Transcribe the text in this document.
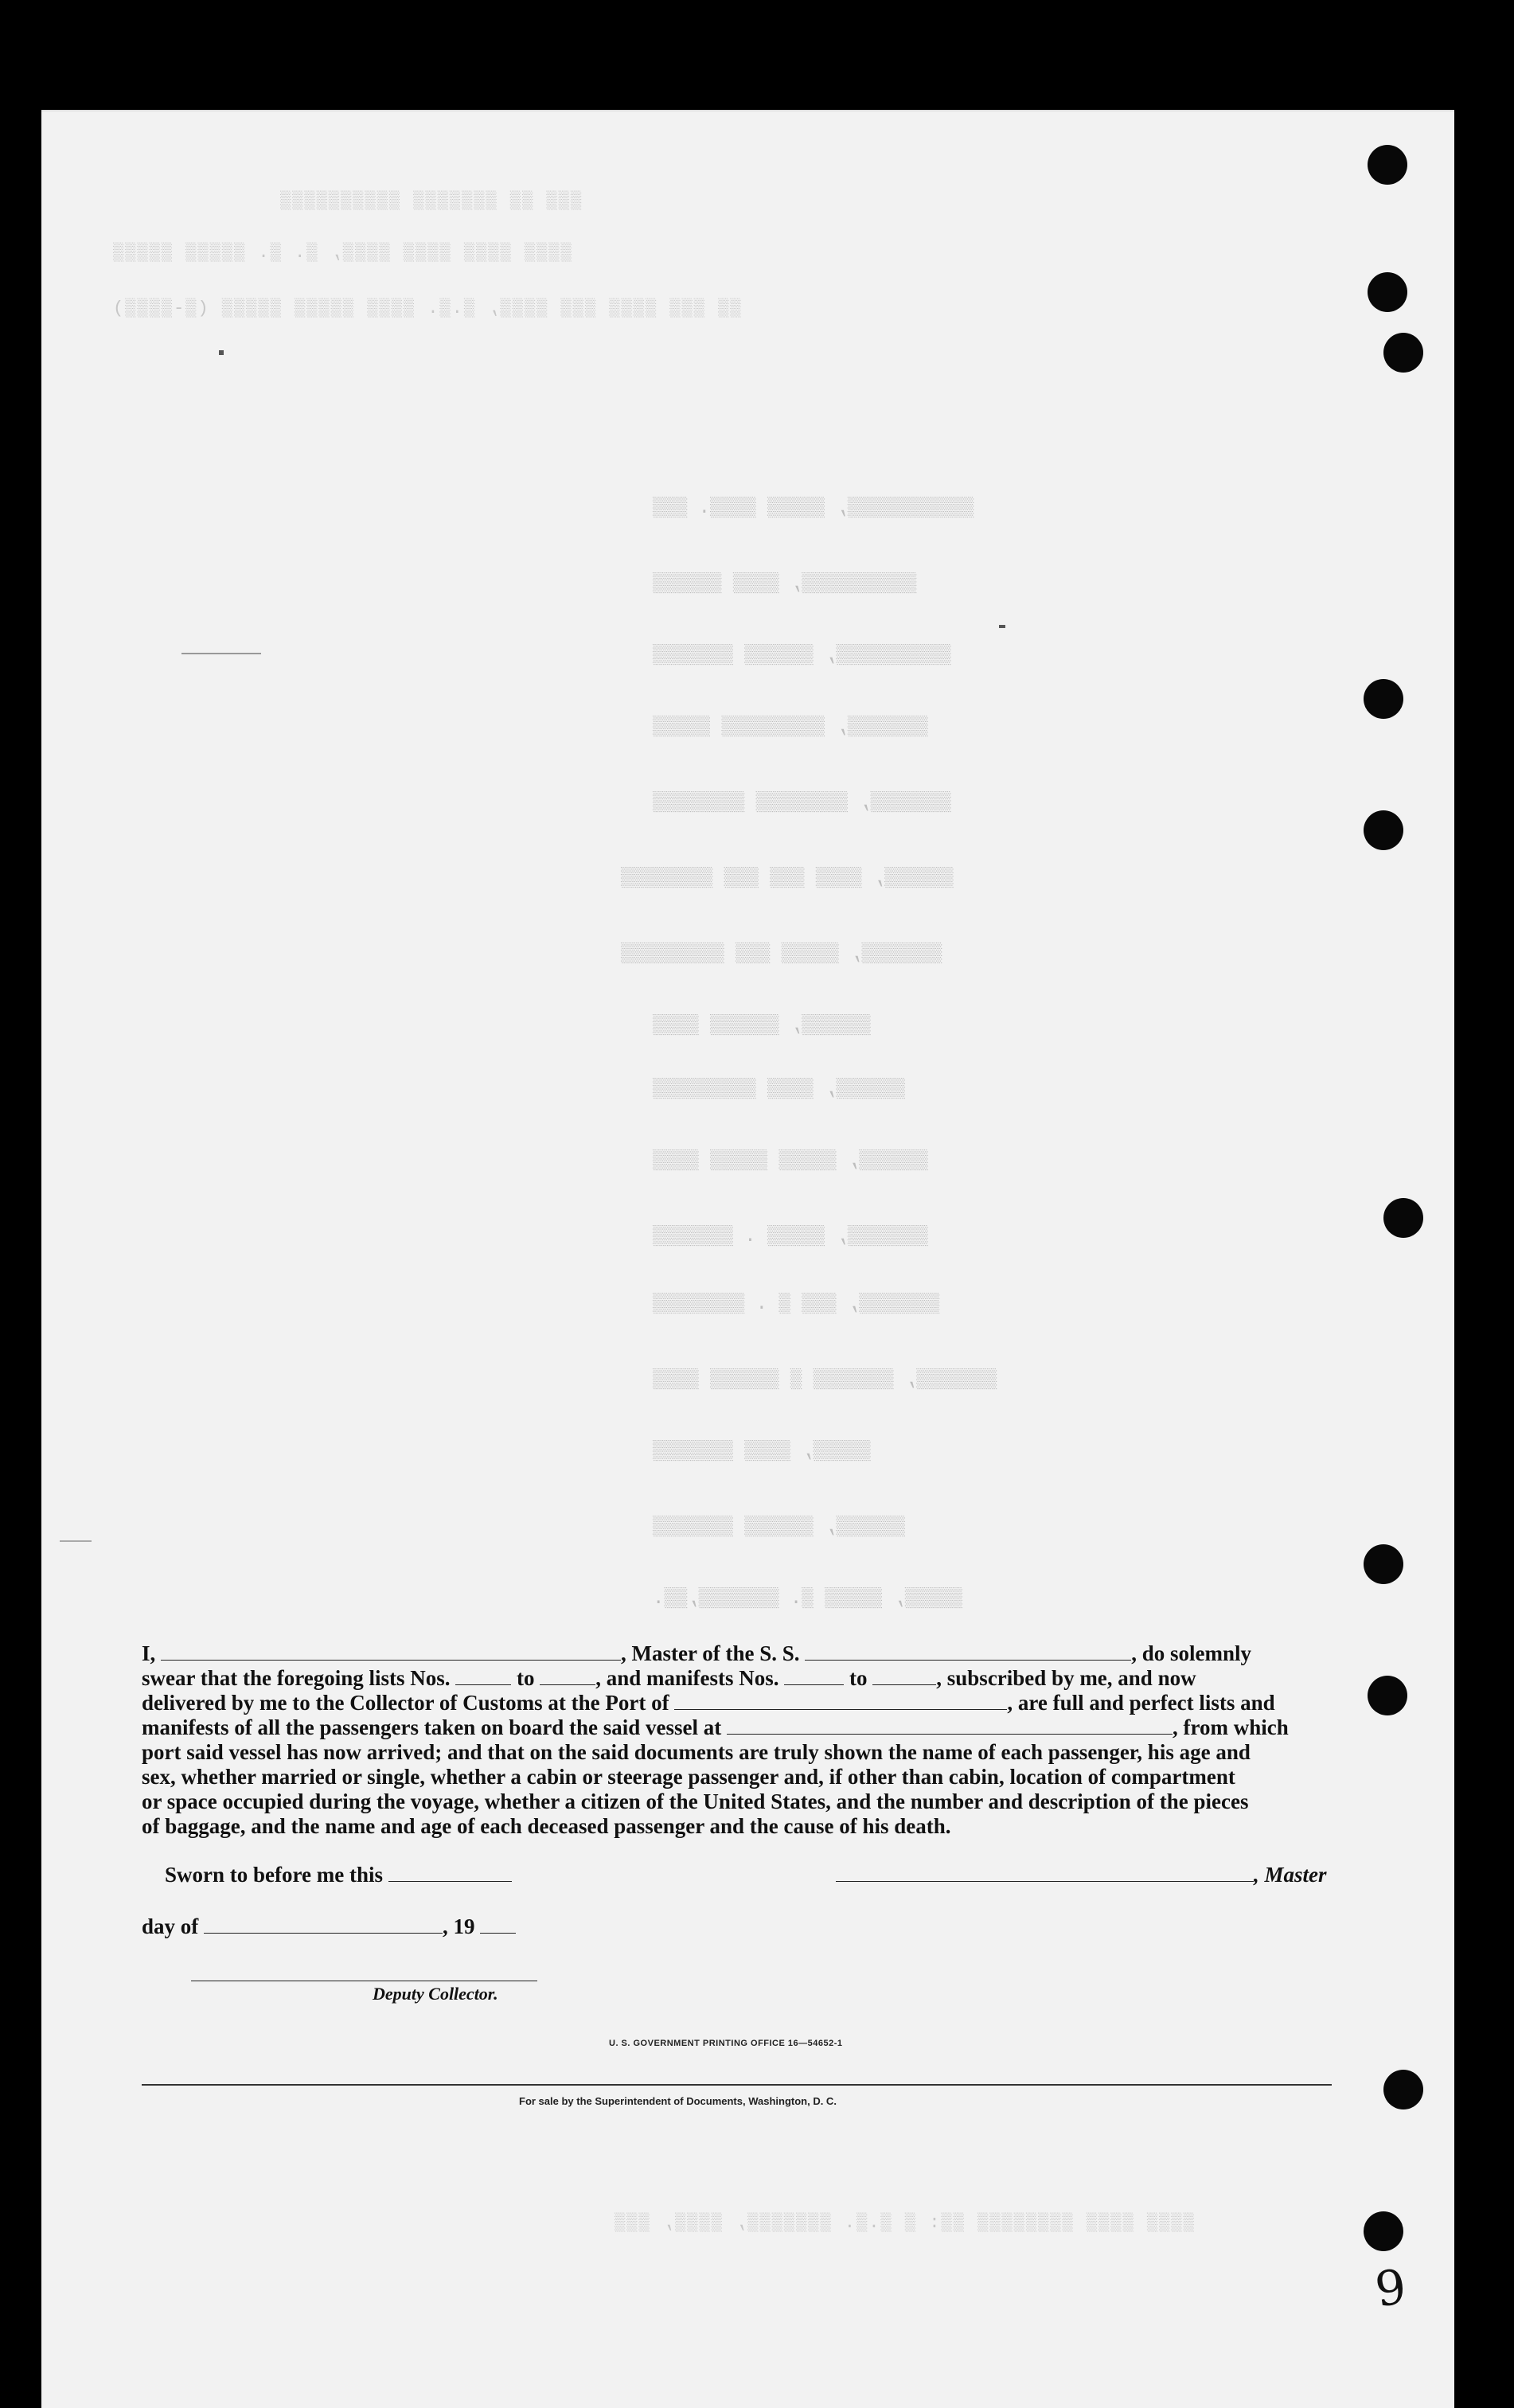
▒▒▒ ▒▒ ▒▒▒▒▒▒▒ ▒▒▒▒▒▒▒▒▒▒
▒▒▒▒ ▒▒▒▒ ▒▒▒▒ ▒▒▒▒, ▒. ▒. ▒▒▒▒▒ ▒▒▒▒▒
▒▒ ▒▒▒ ▒▒▒▒ ▒▒▒ ▒▒▒▒, ▒.▒. ▒▒▒▒ ▒▒▒▒▒ ▒▒▒▒▒ (▒-▒▒▒▒)
▒▒▒▒▒▒▒▒▒▒▒, ▒▒▒▒▒ ▒▒▒▒. ▒▒▒
▒▒▒▒▒▒▒▒▒▒, ▒▒▒▒ ▒▒▒▒▒▒
▒▒▒▒▒▒▒▒▒▒, ▒▒▒▒▒▒ ▒▒▒▒▒▒▒
▒▒▒▒▒▒▒, ▒▒▒▒▒▒▒▒▒ ▒▒▒▒▒
▒▒▒▒▒▒▒, ▒▒▒▒▒▒▒▒ ▒▒▒▒▒▒▒▒
▒▒▒▒▒▒, ▒▒▒▒ ▒▒▒ ▒▒▒ ▒▒▒▒▒▒▒▒
▒▒▒▒▒▒▒, ▒▒▒▒▒ ▒▒▒ ▒▒▒▒▒▒▒▒▒
▒▒▒▒▒▒, ▒▒▒▒▒▒ ▒▒▒▒
▒▒▒▒▒▒, ▒▒▒▒ ▒▒▒▒▒▒▒▒▒
▒▒▒▒▒▒, ▒▒▒▒▒ ▒▒▒▒▒ ▒▒▒▒
▒▒▒▒▒▒▒, ▒▒▒▒▒ . ▒▒▒▒▒▒▒
▒▒▒▒▒▒▒, ▒▒▒ ▒ . ▒▒▒▒▒▒▒▒
▒▒▒▒▒▒▒, ▒▒▒▒▒▒▒ ▒ ▒▒▒▒▒▒ ▒▒▒▒
▒▒▒▒▒, ▒▒▒▒ ▒▒▒▒▒▒▒
▒▒▒▒▒▒, ▒▒▒▒▒▒ ▒▒▒▒▒▒▒
▒▒▒▒▒, ▒▒▒▒▒ ▒. ▒▒▒▒▒▒▒,▒▒.
▒▒▒▒ ▒▒▒▒ ▒▒▒▒▒▒▒▒ ▒▒: ▒ ▒.▒. ▒▒▒▒▒▒▒, ▒▒▒▒, ▒▒▒
I,	, Master of the S. S.	, do solemnly
swear that the foregoing lists Nos.	to	, and manifests Nos.	to	, subscribed by me, and now
delivered by me to the Collector of Customs at the Port of	, are full and perfect lists and
manifests of all the passengers taken on board the said vessel at	, from which
port said vessel has now arrived; and that on the said documents are truly shown the name of each passenger, his age and
sex, whether married or single, whether a cabin or steerage passenger and, if other than cabin, location of compartment
or space occupied during the voyage, whether a citizen of the United States, and the number and description of the pieces
of baggage, and the name and age of each deceased passenger and the cause of his death.
Sworn to before me this	, Master
day of	, 19
Deputy Collector.
U. S. GOVERNMENT PRINTING OFFICE 16—54652-1
For sale by the Superintendent of Documents, Washington, D. C.
9
